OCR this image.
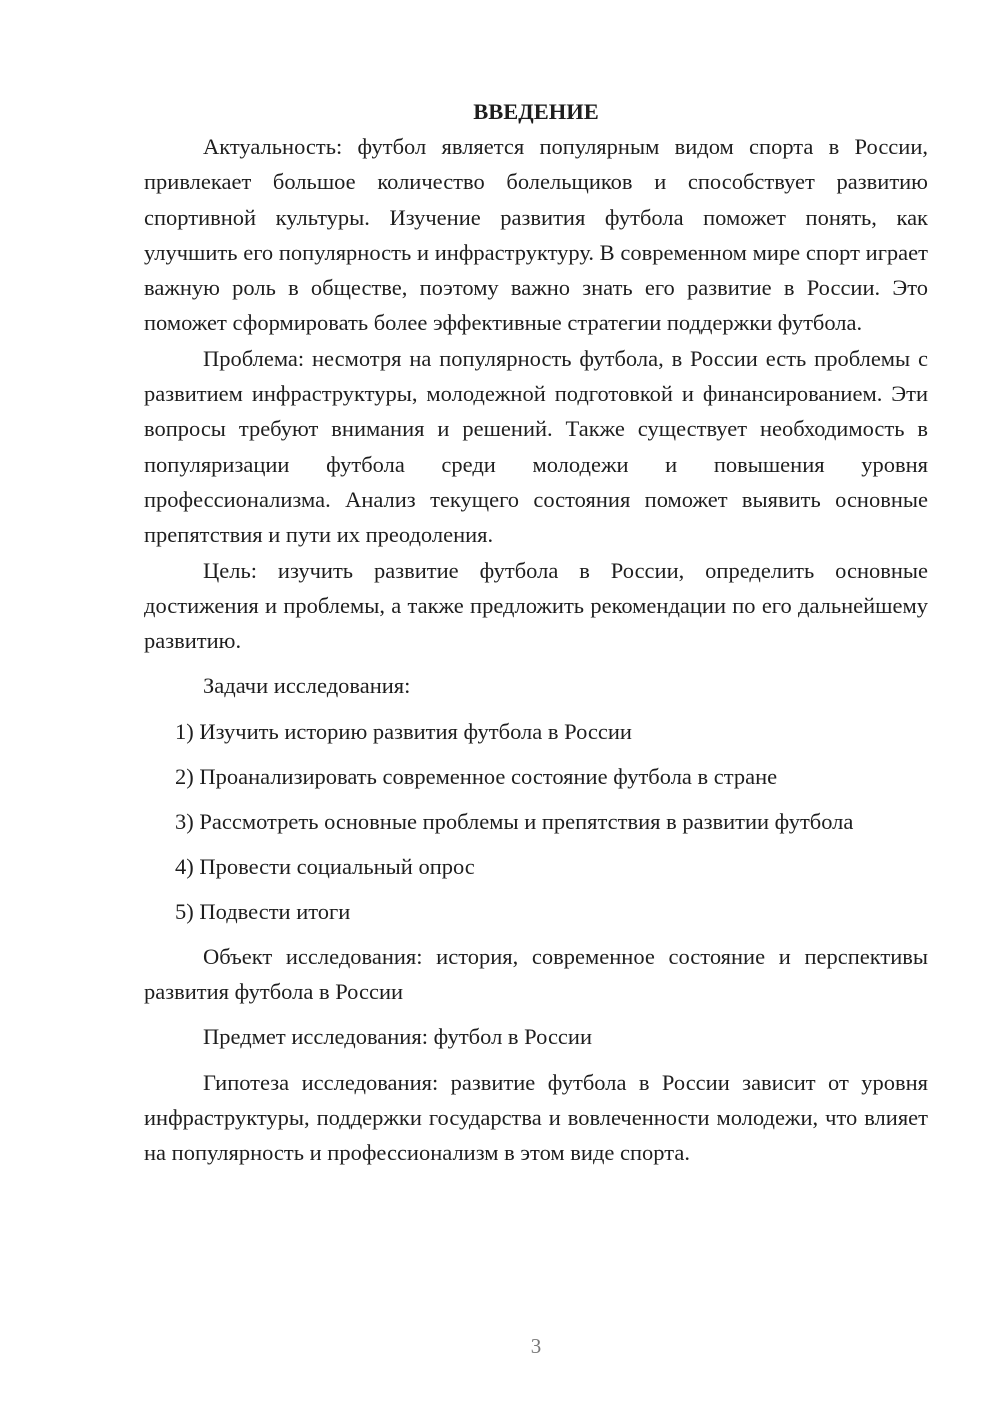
ВВЕДЕНИЕ

Актуальность: футбол является популярным видом спорта в России, привлекает большое количество болельщиков и способствует развитию спортивной культуры. Изучение развития футбола поможет понять, как улучшить его популярность и инфраструктуру. В современном мире спорт играет важную роль в обществе, поэтому важно знать его развитие в России. Это поможет сформировать более эффективные стратегии поддержки футбола.

Проблема: несмотря на популярность футбола, в России есть проблемы с развитием инфраструктуры, молодежной подготовкой и финансированием. Эти вопросы требуют внимания и решений. Также существует необходимость в популяризации футбола среди молодежи и повышения уровня профессионализма. Анализ текущего состояния поможет выявить основные препятствия и пути их преодоления.

Цель: изучить развитие футбола в России, определить основные достижения и проблемы, а также предложить рекомендации по его дальнейшему развитию.

Задачи исследования:

1) Изучить историю развития футбола в России
2) Проанализировать современное состояние футбола в стране
3) Рассмотреть основные проблемы и препятствия в развитии футбола
4) Провести социальный опрос
5) Подвести итоги

Объект исследования: история, современное состояние и перспективы развития футбола в России

Предмет исследования: футбол в России

Гипотеза исследования: развитие футбола в России зависит от уровня инфраструктуры, поддержки государства и вовлеченности молодежи, что влияет на популярность и профессионализм в этом виде спорта.

3
